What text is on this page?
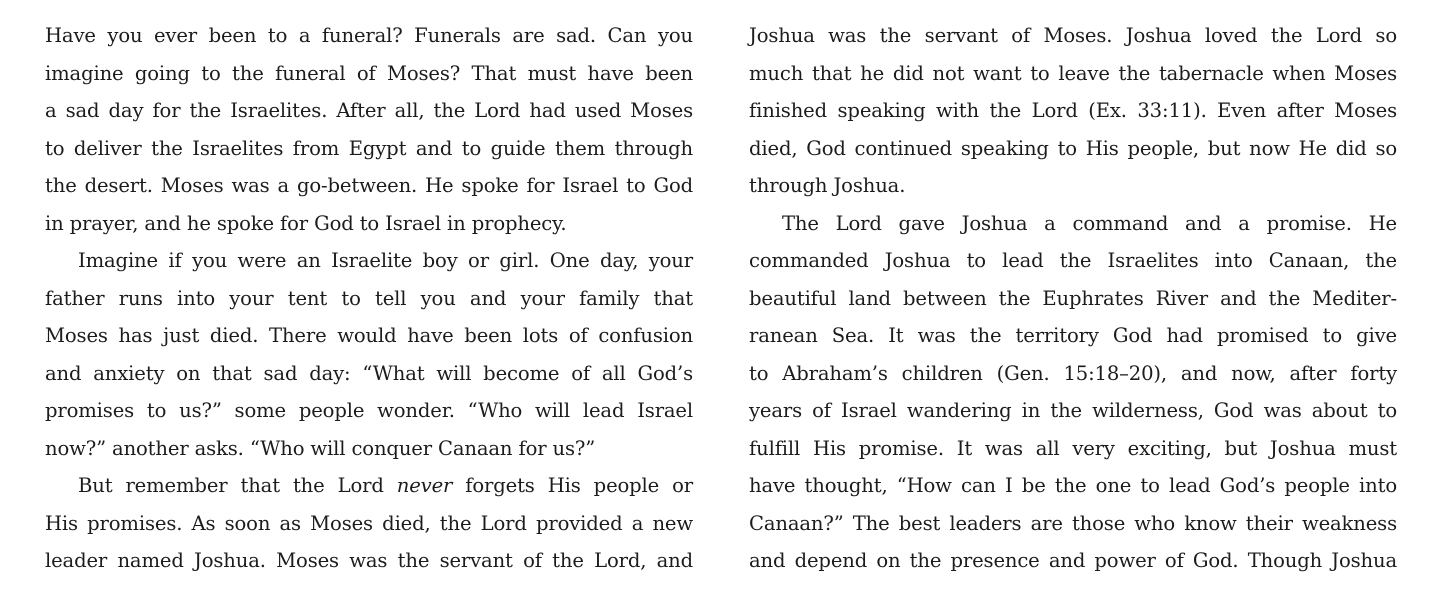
Have you ever been to a funeral? Funerals are sad. Can you
imagine going to the funeral of Moses? That must have been
a sad day for the Israelites. After all, the Lord had used Moses
to deliver the Israelites from Egypt and to guide them through
the desert. Moses was a go-between. He spoke for Israel to God
in prayer, and he spoke for God to Israel in prophecy.
Imagine if you were an Israelite boy or girl. One day, your
father runs into your tent to tell you and your family that
Moses has just died. There would have been lots of confusion
and anxiety on that sad day: “What will become of all God’s
promises to us?” some people wonder. “Who will lead Israel
now?” another asks. “Who will conquer Canaan for us?”
But remember that the Lord never forgets His people or
His promises. As soon as Moses died, the Lord provided a new
leader named Joshua. Moses was the servant of the Lord, and
Joshua was the servant of Moses. Joshua loved the Lord so
much that he did not want to leave the tabernacle when Moses
finished speaking with the Lord (Ex. 33:11). Even after Moses
died, God continued speaking to His people, but now He did so
through Joshua.
The Lord gave Joshua a command and a promise. He
commanded Joshua to lead the Israelites into Canaan, the
beautiful land between the Euphrates River and the Mediter-
ranean Sea. It was the territory God had promised to give
to Abraham’s children (Gen. 15:18–20), and now, after forty
years of Israel wandering in the wilderness, God was about to
fulfill His promise. It was all very exciting, but Joshua must
have thought, “How can I be the one to lead God’s people into
Canaan?” The best leaders are those who know their weakness
and depend on the presence and power of God. Though Joshua
